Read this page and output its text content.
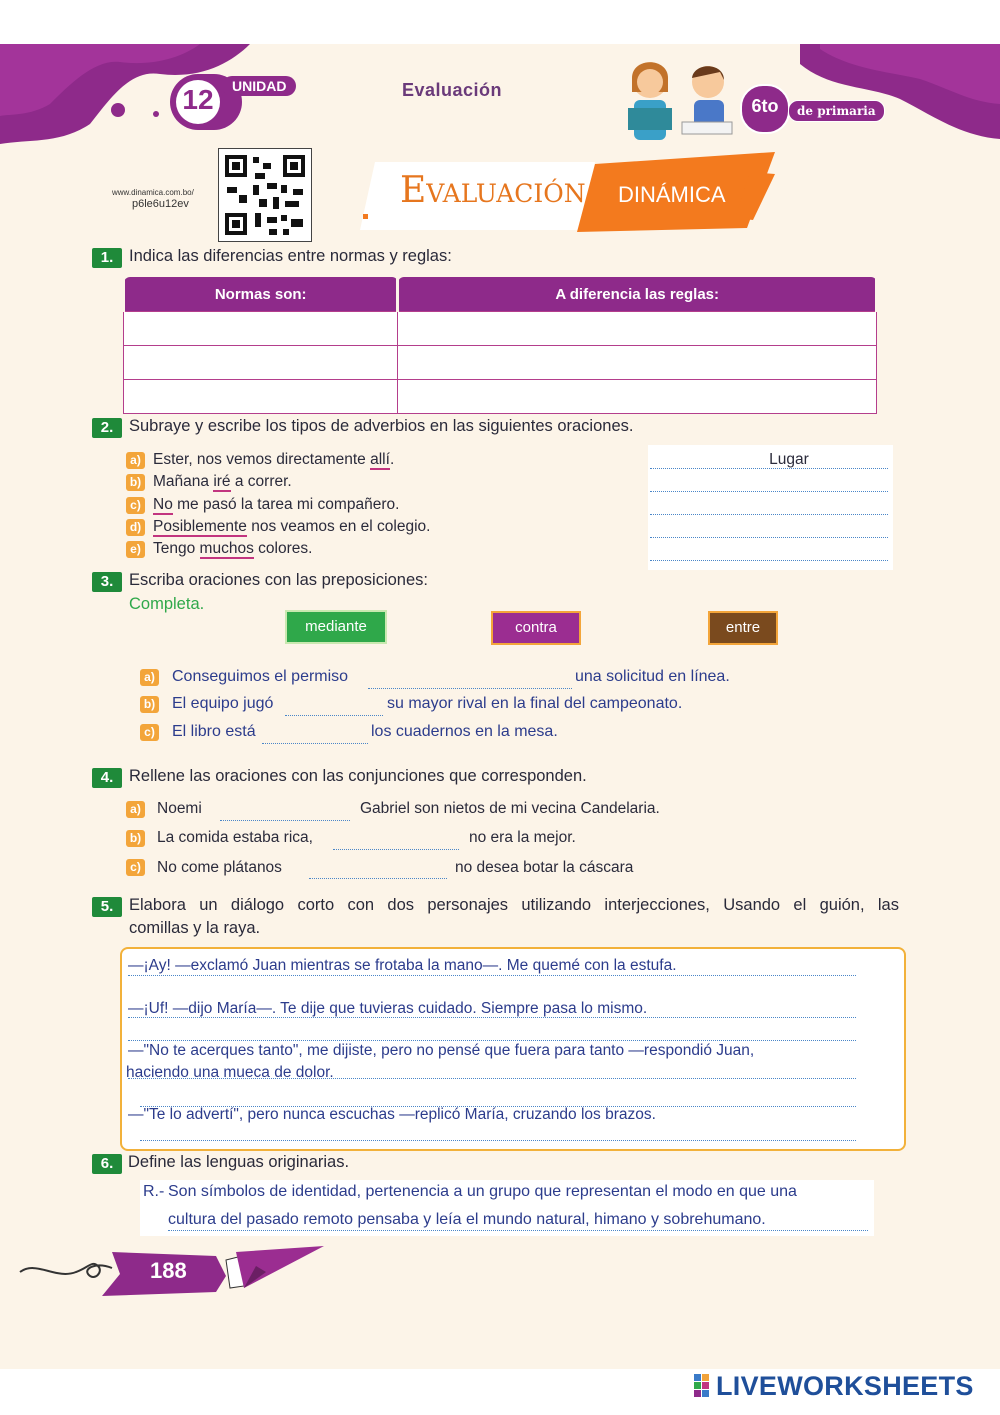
12	UNIDAD	Evaluación
6to	de primaria
www.dinamica.com.bo/
p6le6u12ev	Evaluación DINÁMICA
1. Indica las diferencias entre normas y reglas:
Normas son:	A diferencia las reglas:

2. Subraye y escribe los tipos de adverbios en las siguientes oraciones.
a) Ester, nos vemos directamente allí.
b) Mañana iré a correr.
c) No me pasó la tarea mi compañero.
d) Posiblemente nos veamos en el colegio.
e) Tengo muchos colores.
Lugar
3. Escriba oraciones con las preposiciones:
Completa.
mediante	contra	entre
a) Conseguimos el permiso	una solicitud en línea.
b) El equipo jugó	su mayor rival en la final del campeonato.
c) El libro está	los cuadernos en la mesa.
4. Rellene las oraciones con las conjunciones que corresponden.
a) Noemi	Gabriel son nietos de mi vecina Candelaria.
b) La comida estaba rica,	no era la mejor.
c) No come plátanos	no desea botar la cáscara
5. Elabora un diálogo corto con dos personajes utilizando interjecciones, Usando el guión, las
comillas y la raya.
—¡Ay! —exclamó Juan mientras se frotaba la mano—. Me quemé con la estufa.
—¡Uf! —dijo María—. Te dije que tuvieras cuidado. Siempre pasa lo mismo.
—"No te acerques tanto", me dijiste, pero no pensé que fuera para tanto —respondió Juan,
haciendo una mueca de dolor.
—"Te lo advertí", pero nunca escuchas —replicó María, cruzando los brazos.
6. Define las lenguas originarias.
R.- Son símbolos de identidad, pertenencia a un grupo que representan el modo en que una
cultura del pasado remoto pensaba y leía el mundo natural, himano y sobrehumano.
188
LIVEWORKSHEETS
